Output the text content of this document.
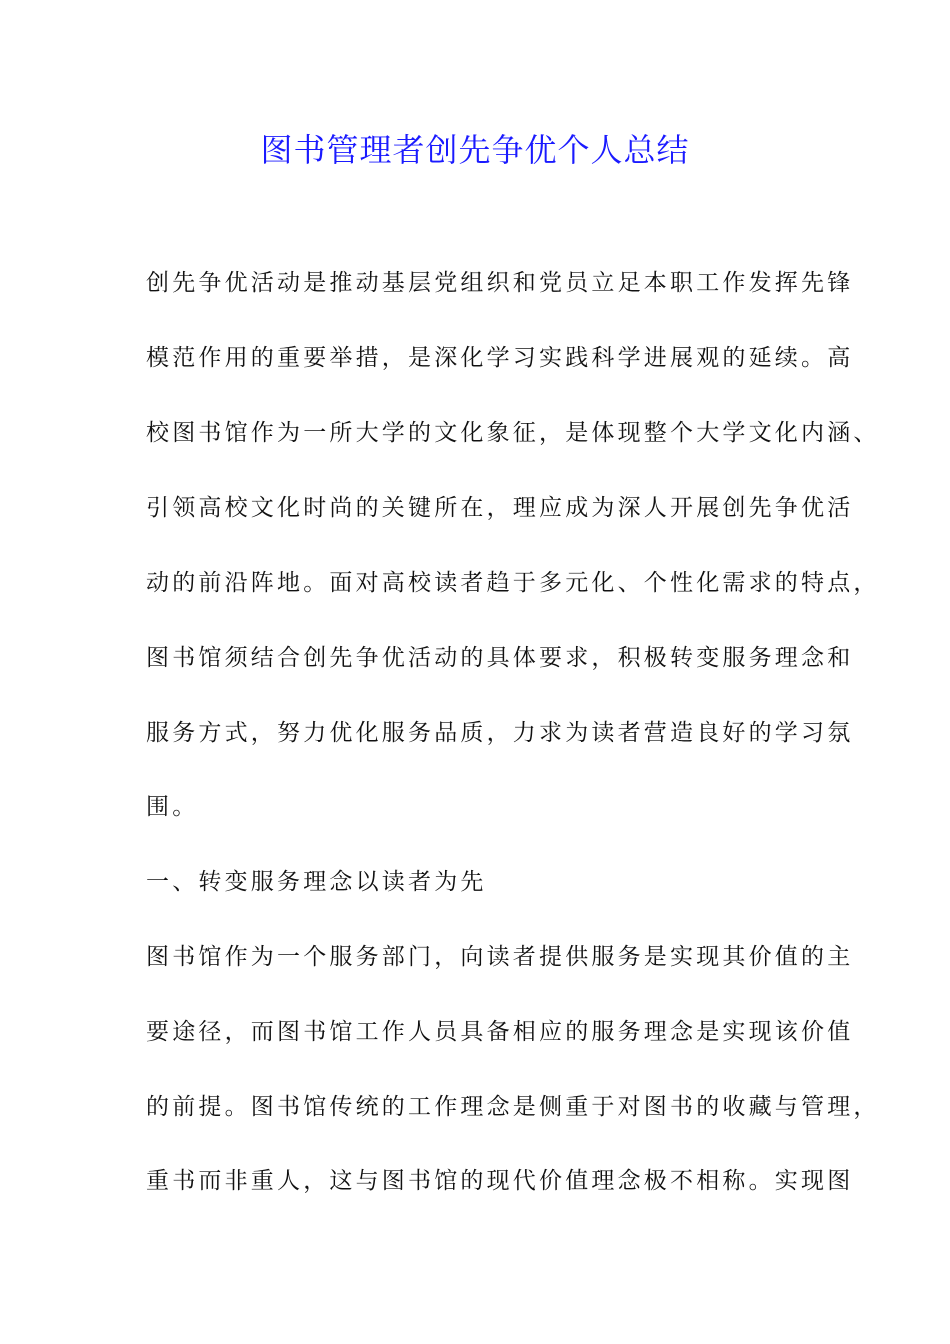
图书管理者创先争优个人总结
创先争优活动是推动基层党组织和党员立足本职工作发挥先锋
模范作用的重要举措，是深化学习实践科学进展观的延续。高
校图书馆作为一所大学的文化象征，是体现整个大学文化内涵、
引领高校文化时尚的关键所在，理应成为深人开展创先争优活
动的前沿阵地。面对高校读者趋于多元化、个性化需求的特点，
图书馆须结合创先争优活动的具体要求，积极转变服务理念和
服务方式，努力优化服务品质，力求为读者营造良好的学习氛
围。
一、转变服务理念以读者为先
图书馆作为一个服务部门，向读者提供服务是实现其价值的主
要途径，而图书馆工作人员具备相应的服务理念是实现该价值
的前提。图书馆传统的工作理念是侧重于对图书的收藏与管理，
重书而非重人，这与图书馆的现代价值理念极不相称。实现图
